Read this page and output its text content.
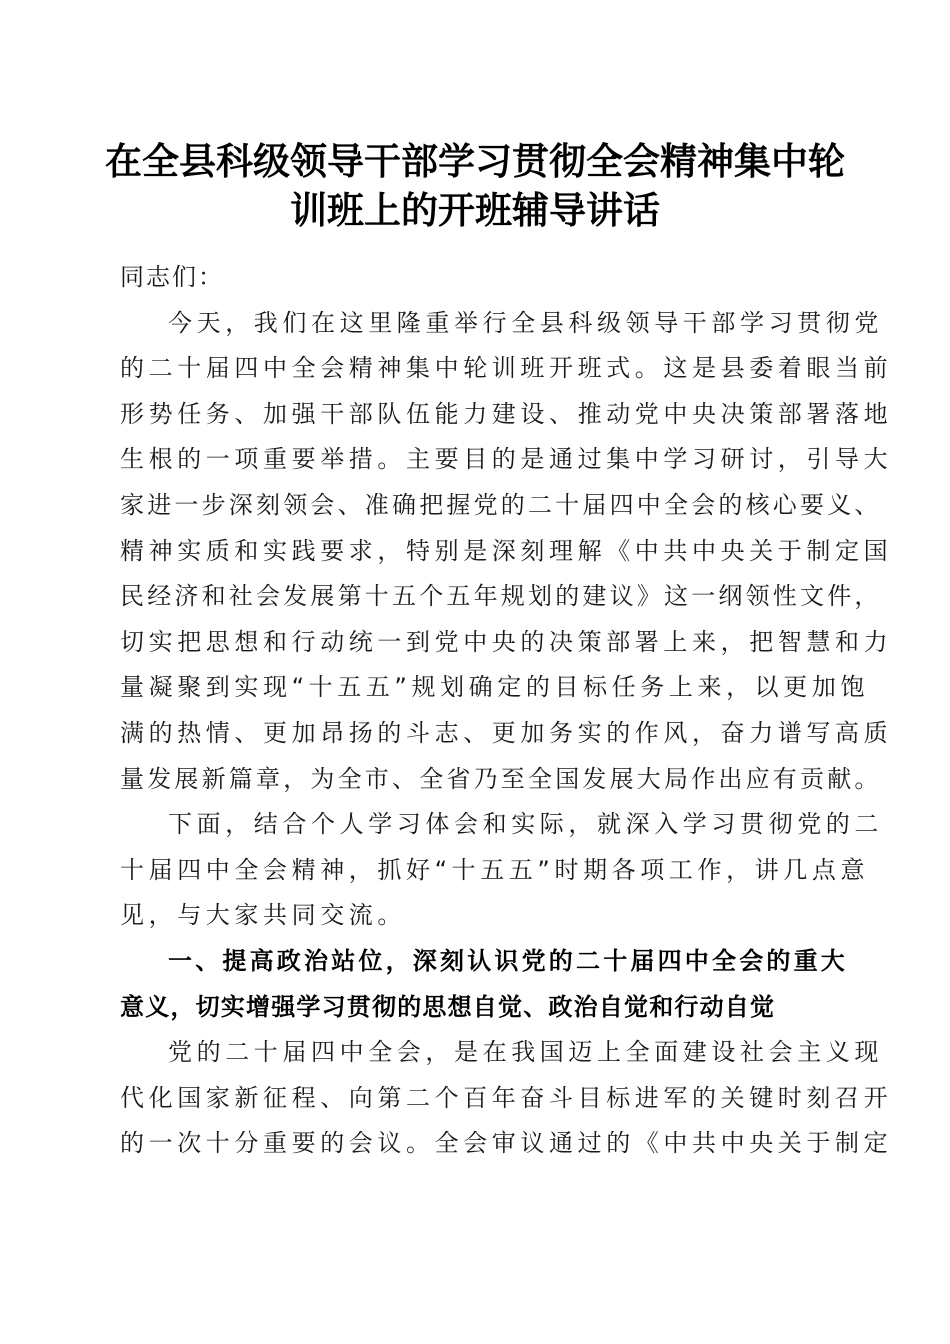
在全县科级领导干部学习贯彻全会精神集中轮
训班上的开班辅导讲话
同志们：
今天，我们在这里隆重举行全县科级领导干部学习贯彻党
的二十届四中全会精神集中轮训班开班式。这是县委着眼当前
形势任务、加强干部队伍能力建设、推动党中央决策部署落地
生根的一项重要举措。主要目的是通过集中学习研讨，引导大
家进一步深刻领会、准确把握党的二十届四中全会的核心要义、
精神实质和实践要求，特别是深刻理解《中共中央关于制定国
民经济和社会发展第十五个五年规划的建议》这一纲领性文件，
切实把思想和行动统一到党中央的决策部署上来，把智慧和力
量凝聚到实现“十五五”规划确定的目标任务上来，以更加饱
满的热情、更加昂扬的斗志、更加务实的作风，奋力谱写高质
量发展新篇章，为全市、全省乃至全国发展大局作出应有贡献。
下面，结合个人学习体会和实际，就深入学习贯彻党的二
十届四中全会精神，抓好“十五五”时期各项工作，讲几点意
见，与大家共同交流。
一、提高政治站位，深刻认识党的二十届四中全会的重大
意义，切实增强学习贯彻的思想自觉、政治自觉和行动自觉
党的二十届四中全会，是在我国迈上全面建设社会主义现
代化国家新征程、向第二个百年奋斗目标进军的关键时刻召开
的一次十分重要的会议。全会审议通过的《中共中央关于制定
